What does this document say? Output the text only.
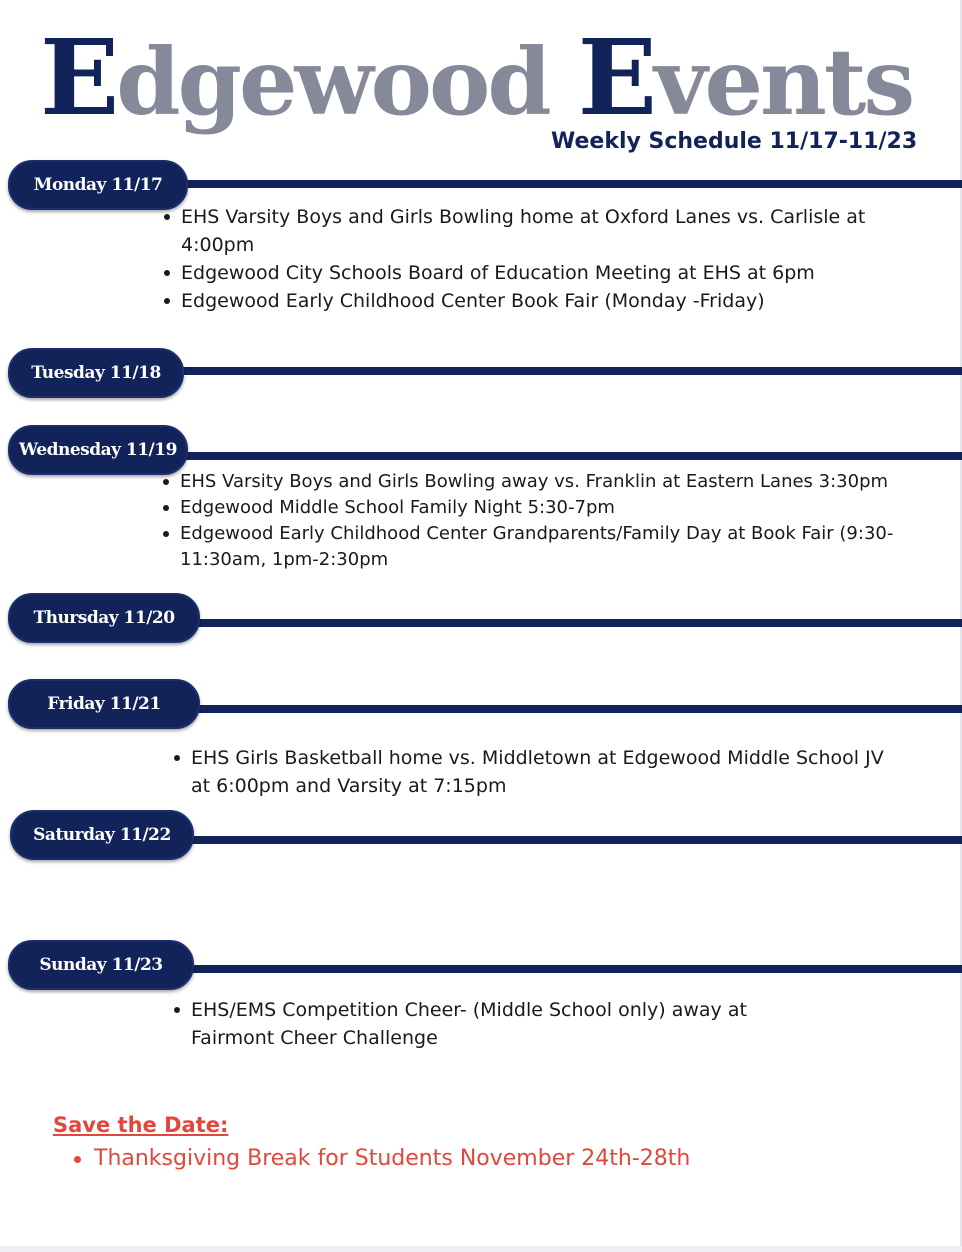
Edgewood Events
Weekly Schedule 11/17-11/23
Monday 11/17
EHS Varsity Boys and Girls Bowling home at Oxford Lanes vs. Carlisle at 4:00pm
Edgewood City Schools Board of Education Meeting at EHS at 6pm
Edgewood Early Childhood Center Book Fair (Monday -Friday)
Tuesday 11/18
Wednesday 11/19
EHS Varsity Boys and Girls Bowling away vs. Franklin at Eastern Lanes 3:30pm
Edgewood Middle School Family Night 5:30-7pm
Edgewood Early Childhood Center Grandparents/Family Day at Book Fair (9:30-11:30am, 1pm-2:30pm
Thursday 11/20
Friday 11/21
EHS Girls Basketball home vs. Middletown at Edgewood Middle School JV at 6:00pm and Varsity at 7:15pm
Saturday 11/22
Sunday 11/23
EHS/EMS Competition Cheer- (Middle School only) away at Fairmont Cheer Challenge
Save the Date:
Thanksgiving Break for Students November 24th-28th
